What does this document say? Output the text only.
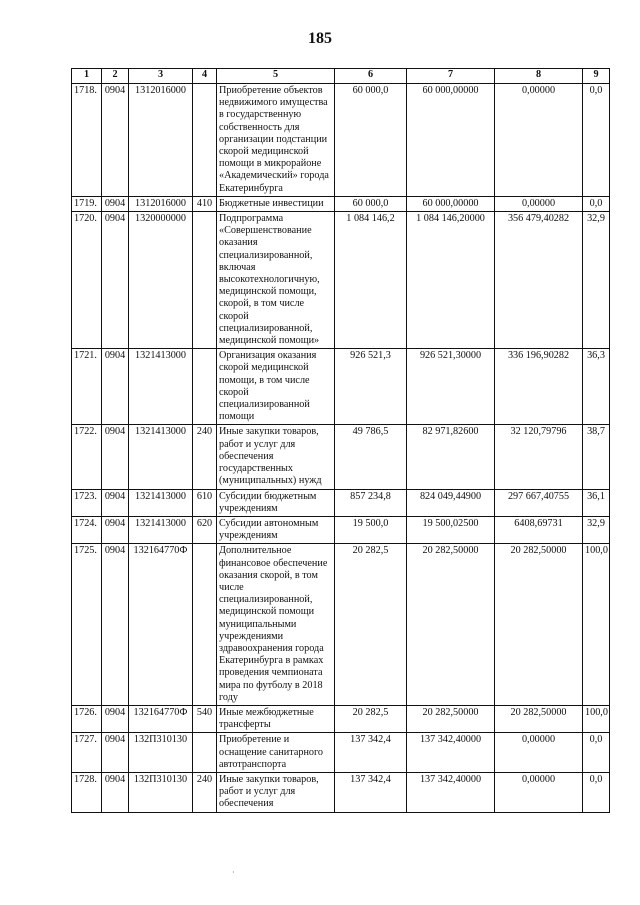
185
1	2	3	4	5	6	7	8	9
1718.	0904	1312016000		Приобретение объектов недвижимого имущества в государственную собственность для организации подстанции скорой медицинской помощи в микрорайоне «Академический» города Екатеринбурга	60 000,0	60 000,00000	0,00000	0,0
1719.	0904	1312016000	410	Бюджетные инвестиции	60 000,0	60 000,00000	0,00000	0,0
1720.	0904	1320000000		Подпрограмма «Совершенствование оказания специализированной, включая высокотехнологичную, медицинской помощи, скорой, в том числе скорой специализированной, медицинской помощи»	1 084 146,2	1 084 146,20000	356 479,40282	32,9
1721.	0904	1321413000		Организация оказания скорой медицинской помощи, в том числе скорой специализированной помощи	926 521,3	926 521,30000	336 196,90282	36,3
1722.	0904	1321413000	240	Иные закупки товаров, работ и услуг для обеспечения государственных (муниципальных) нужд	49 786,5	82 971,82600	32 120,79796	38,7
1723.	0904	1321413000	610	Субсидии бюджетным учреждениям	857 234,8	824 049,44900	297 667,40755	36,1
1724.	0904	1321413000	620	Субсидии автономным учреждениям	19 500,0	19 500,02500	6408,69731	32,9
1725.	0904	132164770Ф		Дополнительное финансовое обеспечение оказания скорой, в том числе специализированной, медицинской помощи муниципальными учреждениями здравоохранения города Екатеринбурга в рамках проведения чемпионата мира по футболу в 2018 году	20 282,5	20 282,50000	20 282,50000	100,0
1726.	0904	132164770Ф	540	Иные межбюджетные трансферты	20 282,5	20 282,50000	20 282,50000	100,0
1727.	0904	132П310130		Приобретение и оснащение санитарного автотранспорта	137 342,4	137 342,40000	0,00000	0,0
1728.	0904	132П310130	240	Иные закупки товаров, работ и услуг для обеспечения	137 342,4	137 342,40000	0,00000	0,0
·
